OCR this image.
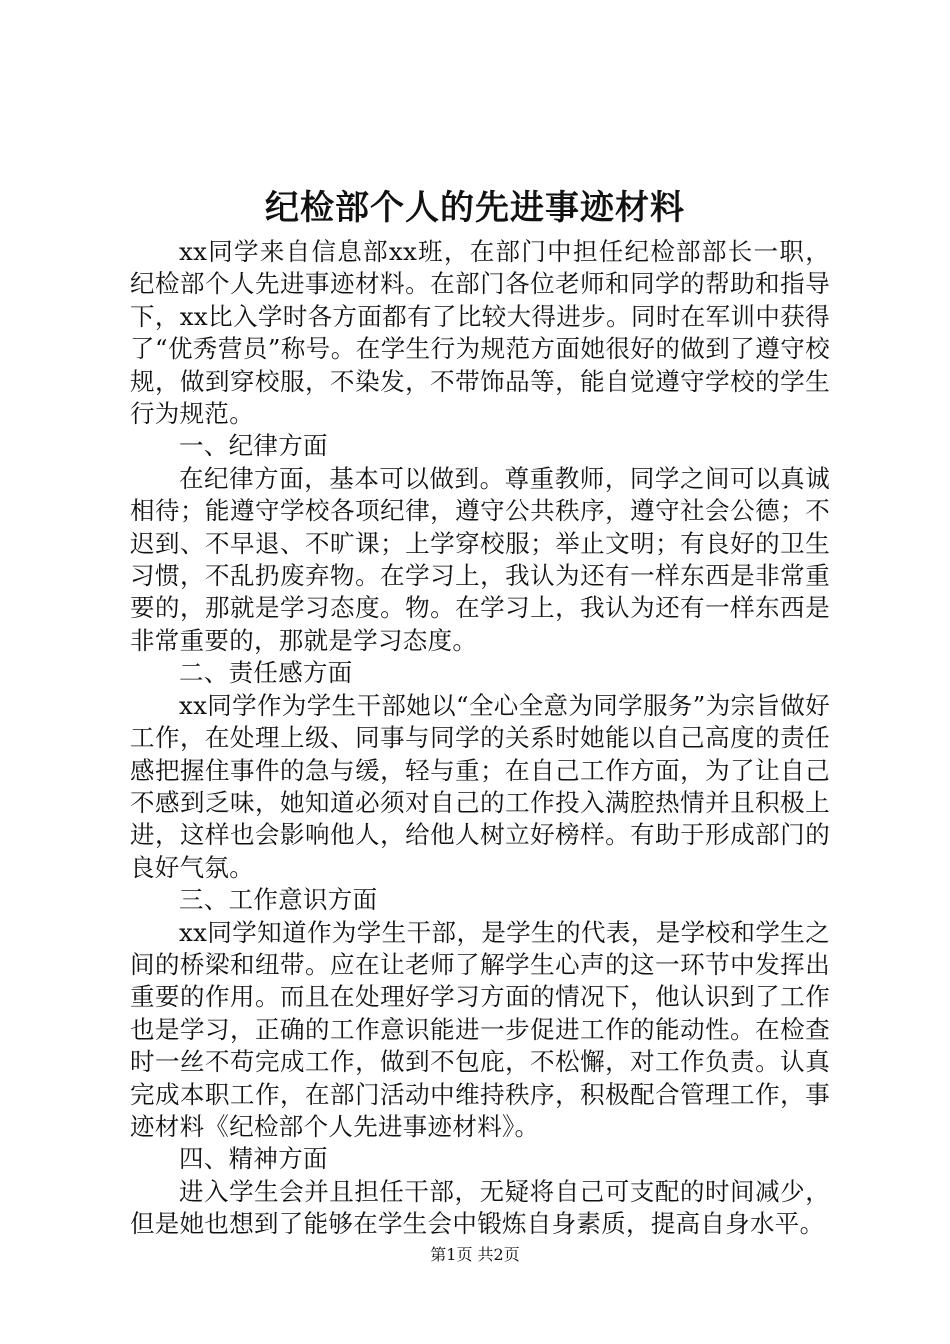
纪检部个人的先进事迹材料

xx同学来自信息部xx班，在部门中担任纪检部部长一职，纪检部个人先进事迹材料。在部门各位老师和同学的帮助和指导下，xx比入学时各方面都有了比较大得进步。同时在军训中获得了“优秀营员”称号。在学生行为规范方面她很好的做到了遵守校规，做到穿校服，不染发，不带饰品等，能自觉遵守学校的学生行为规范。

一、纪律方面

在纪律方面，基本可以做到。尊重教师，同学之间可以真诚相待；能遵守学校各项纪律，遵守公共秩序，遵守社会公德；不迟到、不早退、不旷课；上学穿校服；举止文明；有良好的卫生习惯，不乱扔废弃物。在学习上，我认为还有一样东西是非常重要的，那就是学习态度。物。在学习上，我认为还有一样东西是非常重要的，那就是学习态度。

二、责任感方面

xx同学作为学生干部她以“全心全意为同学服务”为宗旨做好工作，在处理上级、同事与同学的关系时她能以自己高度的责任感把握住事件的急与缓，轻与重；在自己工作方面，为了让自己不感到乏味，她知道必须对自己的工作投入满腔热情并且积极上进，这样也会影响他人，给他人树立好榜样。有助于形成部门的良好气氛。

三、工作意识方面

xx同学知道作为学生干部，是学生的代表，是学校和学生之间的桥梁和纽带。应在让老师了解学生心声的这一环节中发挥出重要的作用。而且在处理好学习方面的情况下，他认识到了工作也是学习，正确的工作意识能进一步促进工作的能动性。在检查时一丝不苟完成工作，做到不包庇，不松懈，对工作负责。认真完成本职工作，在部门活动中维持秩序，积极配合管理工作，事迹材料《纪检部个人先进事迹材料》。

四、精神方面

进入学生会并且担任干部，无疑将自己可支配的时间减少，但是她也想到了能够在学生会中锻炼自身素质，提高自身水平。

第1页 共2页
